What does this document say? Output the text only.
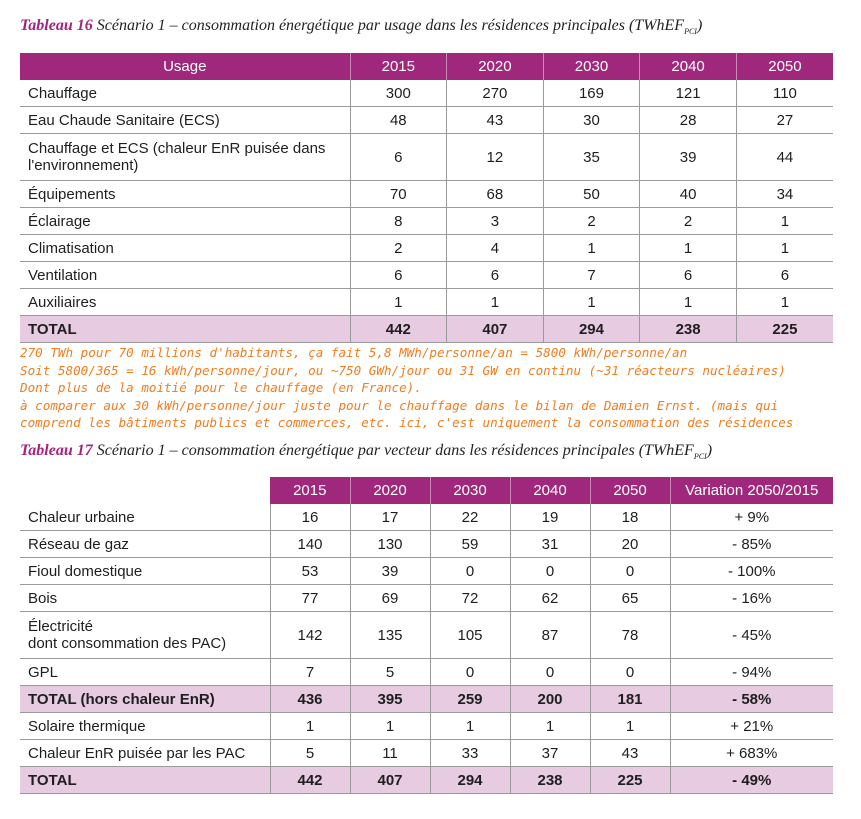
Tableau 16 Scénario 1 – consommation énergétique par usage dans les résidences principales (TWhEF$_{PCI}$)
Usage	2015	2020	2030	2040	2050
Chauffage	300	270	169	121	110
Eau Chaude Sanitaire (ECS)	48	43	30	28	27
Chauffage et ECS (chaleur EnR puisée dans l'environnement)	6	12	35	39	44
Équipements	70	68	50	40	34
Éclairage	8	3	2	2	1
Climatisation	2	4	1	1	1
Ventilation	6	6	7	6	6
Auxiliaires	1	1	1	1	1
TOTAL	442	407	294	238	225
270 TWh pour 70 millions d'habitants, ça fait 5,8 MWh/personne/an = 5800 kWh/personne/an
Soit 5800/365 = 16 kWh/personne/jour, ou ~750 GWh/jour ou 31 GW en continu (~31 réacteurs nucléaires)
Dont plus de la moitié pour le chauffage (en France).
à comparer aux 30 kWh/personne/jour juste pour le chauffage dans le bilan de Damien Ernst. (mais qui
comprend les bâtiments publics et commerces, etc. ici, c'est uniquement la consommation des résidences
Tableau 17 Scénario 1 – consommation énergétique par vecteur dans les résidences principales (TWhEF$_{PCI}$)
	2015	2020	2030	2040	2050	Variation 2050/2015
Chaleur urbaine	16	17	22	19	18	+ 9%
Réseau de gaz	140	130	59	31	20	- 85%
Fioul domestique	53	39	0	0	0	- 100%
Bois	77	69	72	62	65	- 16%
Électricité
dont consommation des PAC)	142	135	105	87	78	- 45%
GPL	7	5	0	0	0	- 94%
TOTAL (hors chaleur EnR)	436	395	259	200	181	- 58%
Solaire thermique	1	1	1	1	1	+ 21%
Chaleur EnR puisée par les PAC	5	11	33	37	43	+ 683%
TOTAL	442	407	294	238	225	- 49%
